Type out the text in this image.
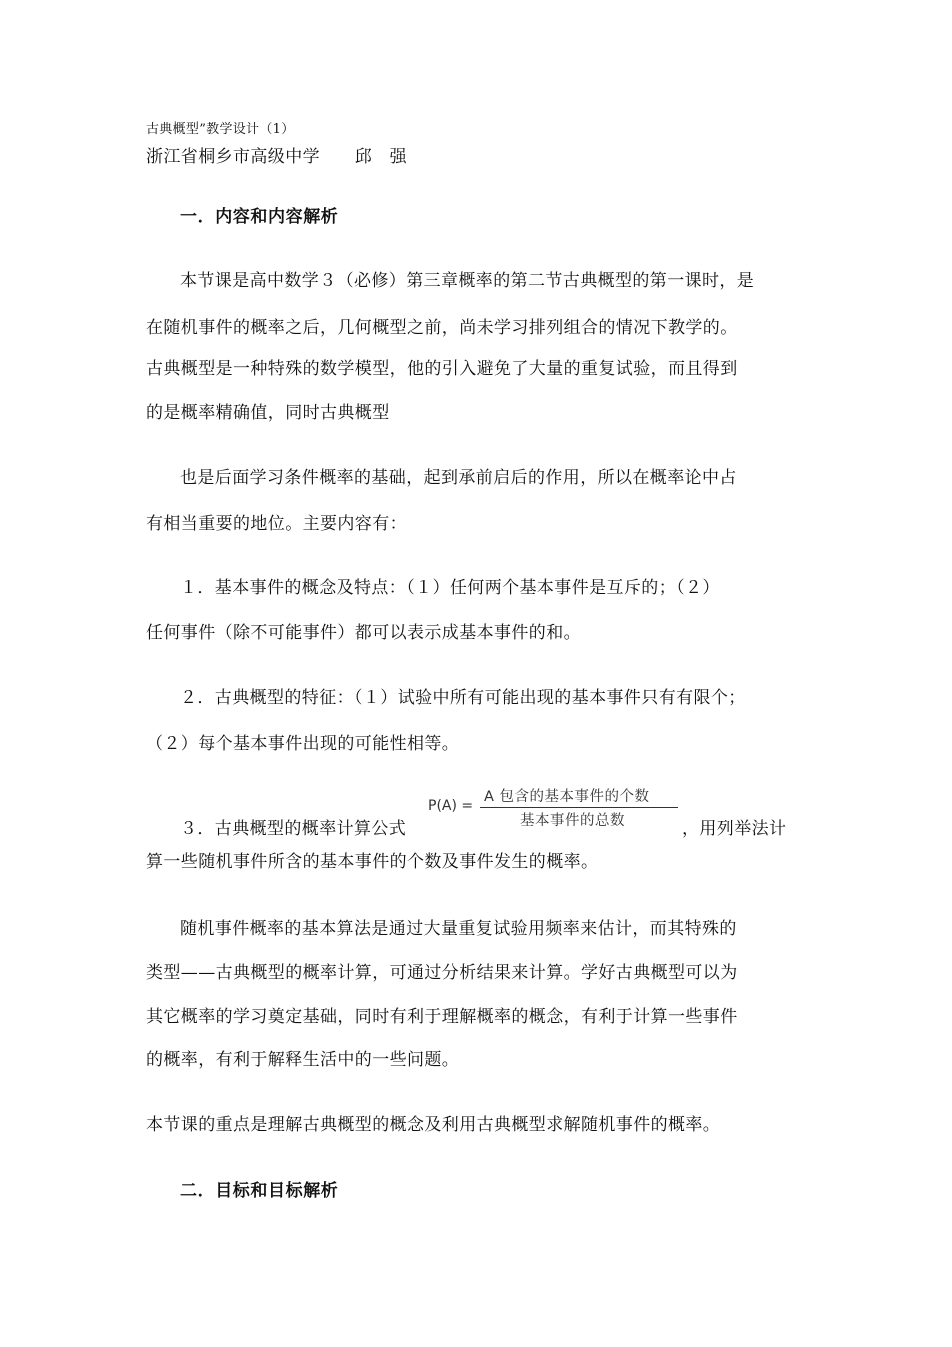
古典概型”教学设计（1）
浙江省桐乡市高级中学　　邱　强
一．内容和内容解析
本节课是高中数学３（必修）第三章概率的第二节古典概型的第一课时，是
在随机事件的概率之后，几何概型之前，尚未学习排列组合的情况下教学的。
古典概型是一种特殊的数学模型，他的引入避免了大量的重复试验，而且得到
的是概率精确值，同时古典概型
也是后面学习条件概率的基础，起到承前启后的作用，所以在概率论中占
有相当重要的地位。主要内容有：
１．基本事件的概念及特点：（１）任何两个基本事件是互斥的；（２）
任何事件（除不可能事件）都可以表示成基本事件的和。
２．古典概型的特征：（１）试验中所有可能出现的基本事件只有有限个；
（２）每个基本事件出现的可能性相等。
３．古典概型的概率计算公式
P(A) =
A 包含的基本事件的个数
基本事件的总数	，用列举法计
算一些随机事件所含的基本事件的个数及事件发生的概率。
随机事件概率的基本算法是通过大量重复试验用频率来估计，而其特殊的
类型——古典概型的概率计算，可通过分析结果来计算。学好古典概型可以为
其它概率的学习奠定基础，同时有利于理解概率的概念，有利于计算一些事件
的概率，有利于解释生活中的一些问题。
本节课的重点是理解古典概型的概念及利用古典概型求解随机事件的概率。
二．目标和目标解析
